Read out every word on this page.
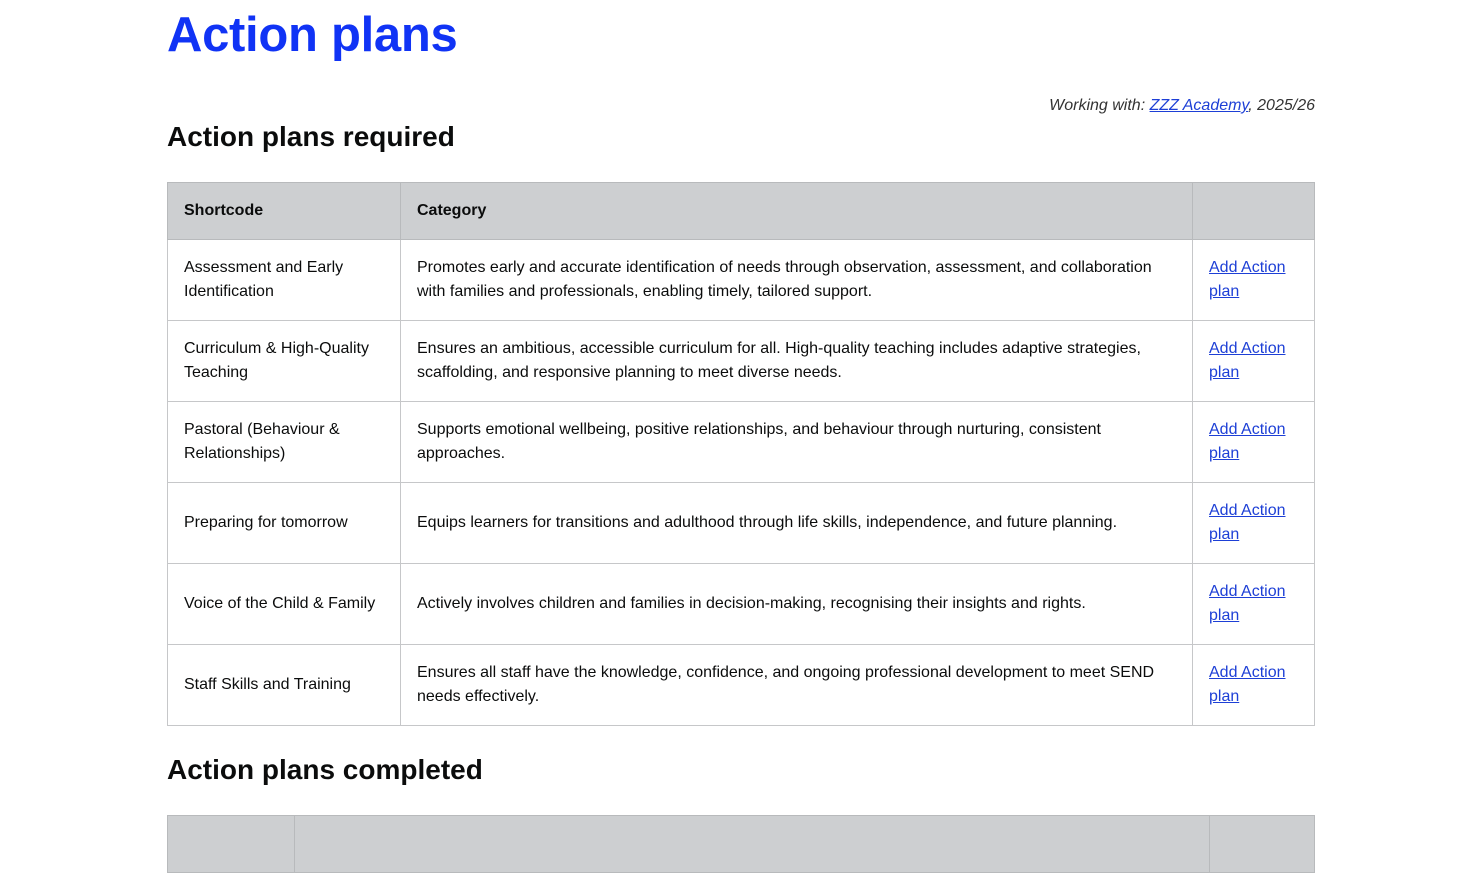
Action plans
Working with: ZZZ Academy, 2025/26
Action plans required
Shortcode	Category	
Assessment and Early Identification	Promotes early and accurate identification of needs through observation, assessment, and collaboration with families and professionals, enabling timely, tailored support.	Add Action plan
Curriculum & High-Quality Teaching	Ensures an ambitious, accessible curriculum for all. High-quality teaching includes adaptive strategies, scaffolding, and responsive planning to meet diverse needs.	Add Action plan
Pastoral (Behaviour & Relationships)	Supports emotional wellbeing, positive relationships, and behaviour through nurturing, consistent approaches.	Add Action plan
Preparing for tomorrow	Equips learners for transitions and adulthood through life skills, independence, and future planning.	Add Action plan
Voice of the Child & Family	Actively involves children and families in decision-making, recognising their insights and rights.	Add Action plan
Staff Skills and Training	Ensures all staff have the knowledge, confidence, and ongoing professional development to meet SEND needs effectively.	Add Action plan
Action plans completed
